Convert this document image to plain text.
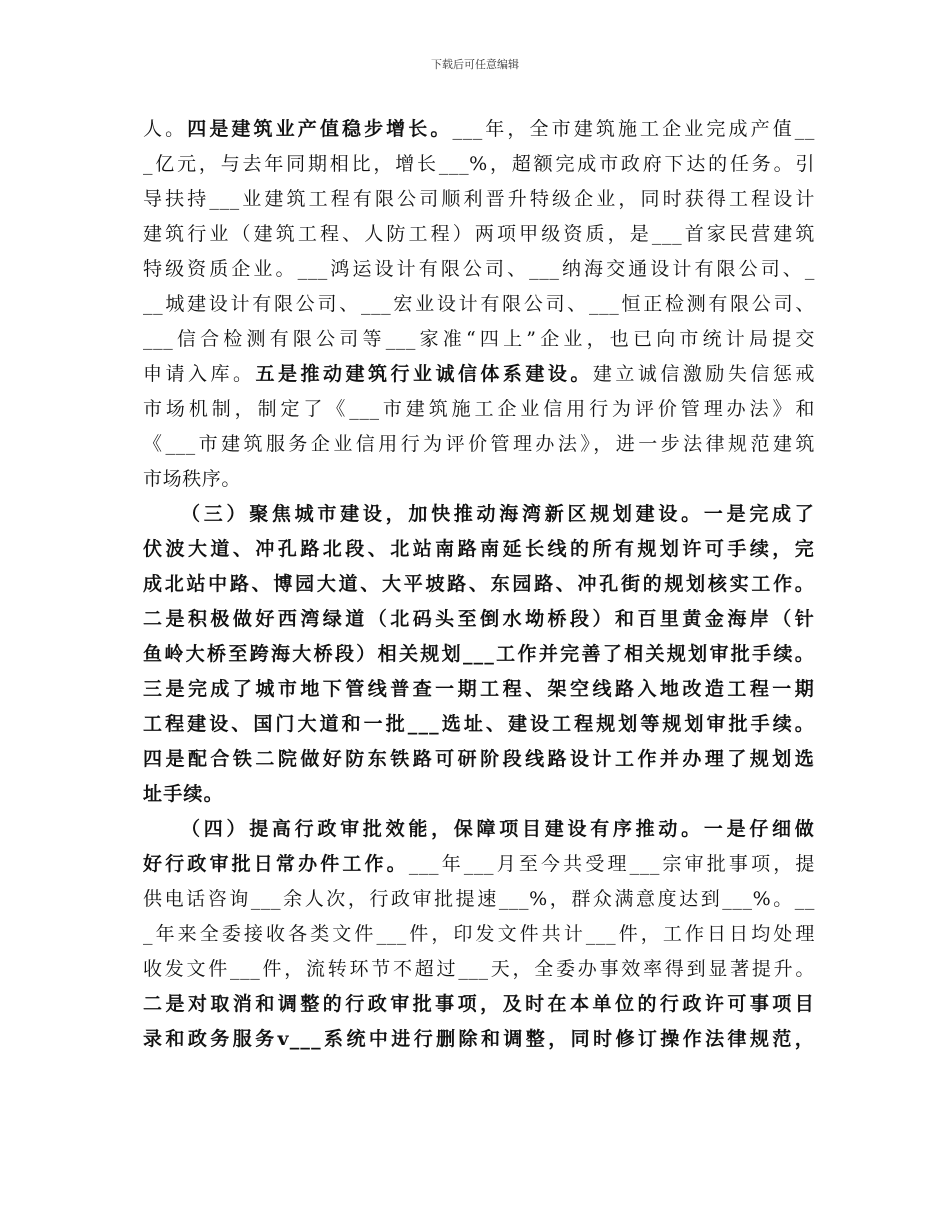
下载后可任意编辑
人。四是建筑业产值稳步增长。___年，全市建筑施工企业完成产值__
_亿元，与去年同期相比，增长___%，超额完成市政府下达的任务。引
导扶持___业建筑工程有限公司顺利晋升特级企业，同时获得工程设计
建筑行业（建筑工程、人防工程）两项甲级资质，是___首家民营建筑
特级资质企业。___鸿运设计有限公司、___纳海交通设计有限公司、_
__城建设计有限公司、___宏业设计有限公司、___恒正检测有限公司、
___信合检测有限公司等___家准“四上”企业，也已向市统计局提交
申请入库。五是推动建筑行业诚信体系建设。建立诚信激励失信惩戒
市场机制，制定了《___市建筑施工企业信用行为评价管理办法》和
《___市建筑服务企业信用行为评价管理办法》，进一步法律规范建筑
市场秩序。
（三）聚焦城市建设，加快推动海湾新区规划建设。一是完成了
伏波大道、冲孔路北段、北站南路南延长线的所有规划许可手续，完
成北站中路、博园大道、大平坡路、东园路、冲孔街的规划核实工作。
二是积极做好西湾绿道（北码头至倒水坳桥段）和百里黄金海岸（针
鱼岭大桥至跨海大桥段）相关规划___工作并完善了相关规划审批手续。
三是完成了城市地下管线普查一期工程、架空线路入地改造工程一期
工程建设、国门大道和一批___选址、建设工程规划等规划审批手续。
四是配合铁二院做好防东铁路可研阶段线路设计工作并办理了规划选
址手续。
（四）提高行政审批效能，保障项目建设有序推动。一是仔细做
好行政审批日常办件工作。___年___月至今共受理___宗审批事项，提
供电话咨询___余人次，行政审批提速___%，群众满意度达到___%。__
_年来全委接收各类文件___件，印发文件共计___件，工作日日均处理
收发文件___件，流转环节不超过___天，全委办事效率得到显著提升。
二是对取消和调整的行政审批事项，及时在本单位的行政许可事项目
录和政务服务v___系统中进行删除和调整，同时修订操作法律规范，
